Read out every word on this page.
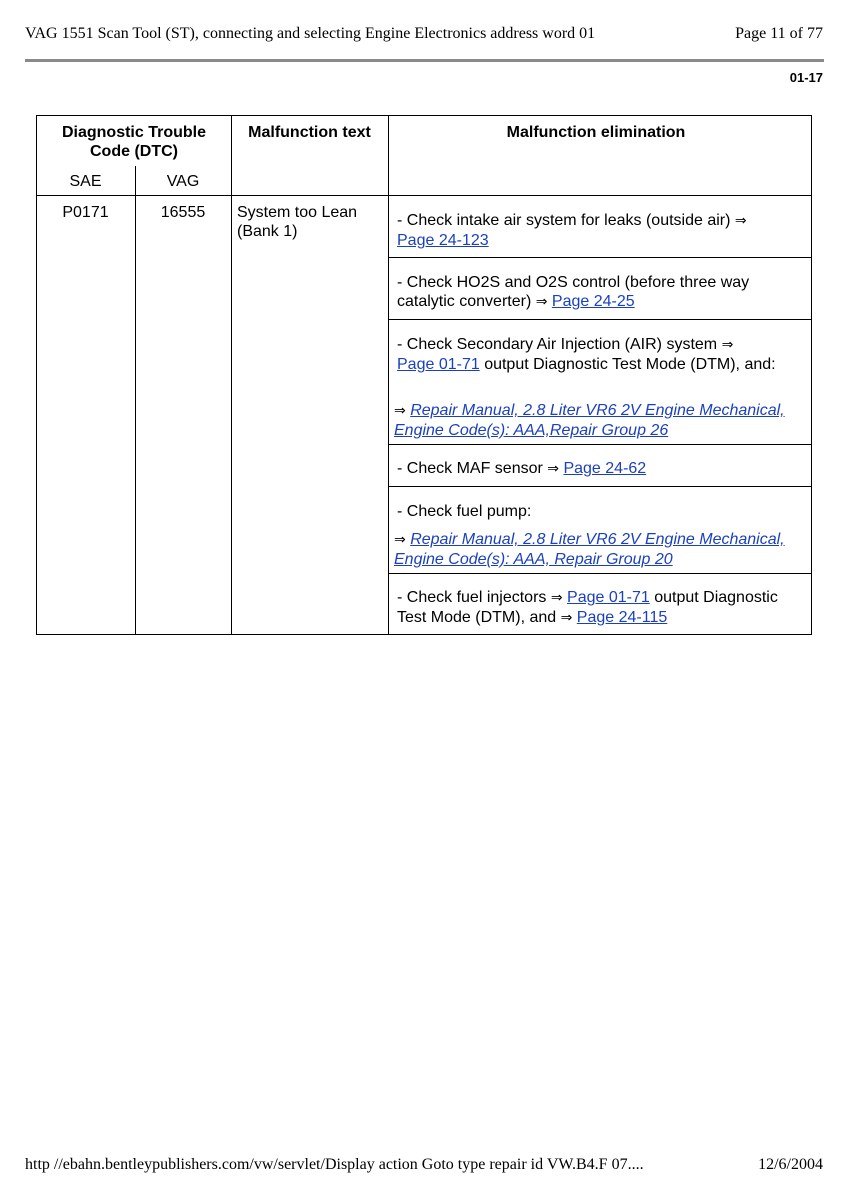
VAG 1551 Scan Tool (ST), connecting and selecting Engine Electronics address word 01	Page 11 of 77
01-17
Diagnostic Trouble Code (DTC)
SAE	VAG
Malfunction text	Malfunction elimination
P0171	16555	System too Lean (Bank 1)
- Check intake air system for leaks (outside air) ⇒
Page 24-123
- Check HO2S and O2S control (before three way catalytic converter) ⇒ Page 24-25
- Check Secondary Air Injection (AIR) system ⇒
Page 01-71 output Diagnostic Test Mode (DTM), and:
⇒ Repair Manual, 2.8 Liter VR6 2V Engine Mechanical, Engine Code(s): AAA,Repair Group 26
- Check MAF sensor ⇒ Page 24-62
- Check fuel pump:
⇒ Repair Manual, 2.8 Liter VR6 2V Engine Mechanical, Engine Code(s): AAA, Repair Group 20
- Check fuel injectors ⇒ Page 01-71 output Diagnostic Test Mode (DTM), and ⇒ Page 24-115
http //ebahn.bentleypublishers.com/vw/servlet/Display action Goto type repair id VW.B4.F 07....	12/6/2004
